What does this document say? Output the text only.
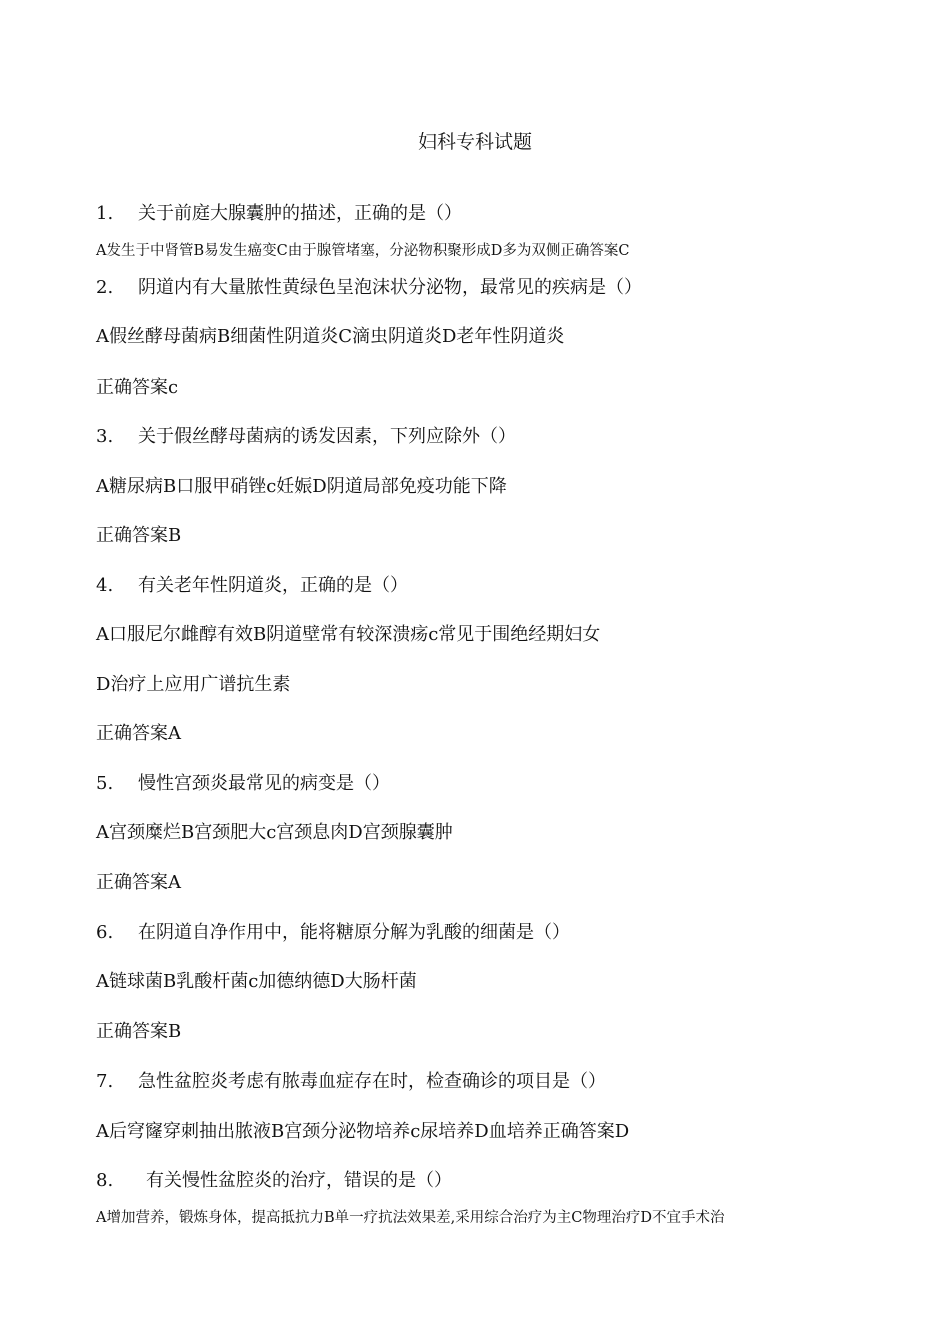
妇科专科试题
1. 关于前庭大腺囊肿的描述，正确的是（）
A发生于中肾管B易发生癌变C由于腺管堵塞，分泌物积聚形成D多为双侧正确答案C
2. 阴道内有大量脓性黄绿色呈泡沫状分泌物，最常见的疾病是（）
A假丝酵母菌病B细菌性阴道炎C滴虫阴道炎D老年性阴道炎
正确答案c
3. 关于假丝酵母菌病的诱发因素，下列应除外（）
A糖尿病B口服甲硝锉c妊娠D阴道局部免疫功能下降
正确答案B
4. 有关老年性阴道炎，正确的是（）
A口服尼尔雌醇有效B阴道壁常有较深溃疡c常见于围绝经期妇女
D治疗上应用广谱抗生素
正确答案A
5. 慢性宫颈炎最常见的病变是（）
A宫颈糜烂B宫颈肥大c宫颈息肉D宫颈腺囊肿
正确答案A
6. 在阴道自净作用中，能将糖原分解为乳酸的细菌是（）
A链球菌B乳酸杆菌c加德纳德D大肠杆菌
正确答案B
7. 急性盆腔炎考虑有脓毒血症存在时，检查确诊的项目是（）
A后穹窿穿刺抽出脓液B宫颈分泌物培养c尿培养D血培养正确答案D
8. 有关慢性盆腔炎的治疗，错误的是（）
A增加营养，锻炼身体，提高抵抗力B单一疗抗法效果差,采用综合治疗为主C物理治疗D不宜手术治
